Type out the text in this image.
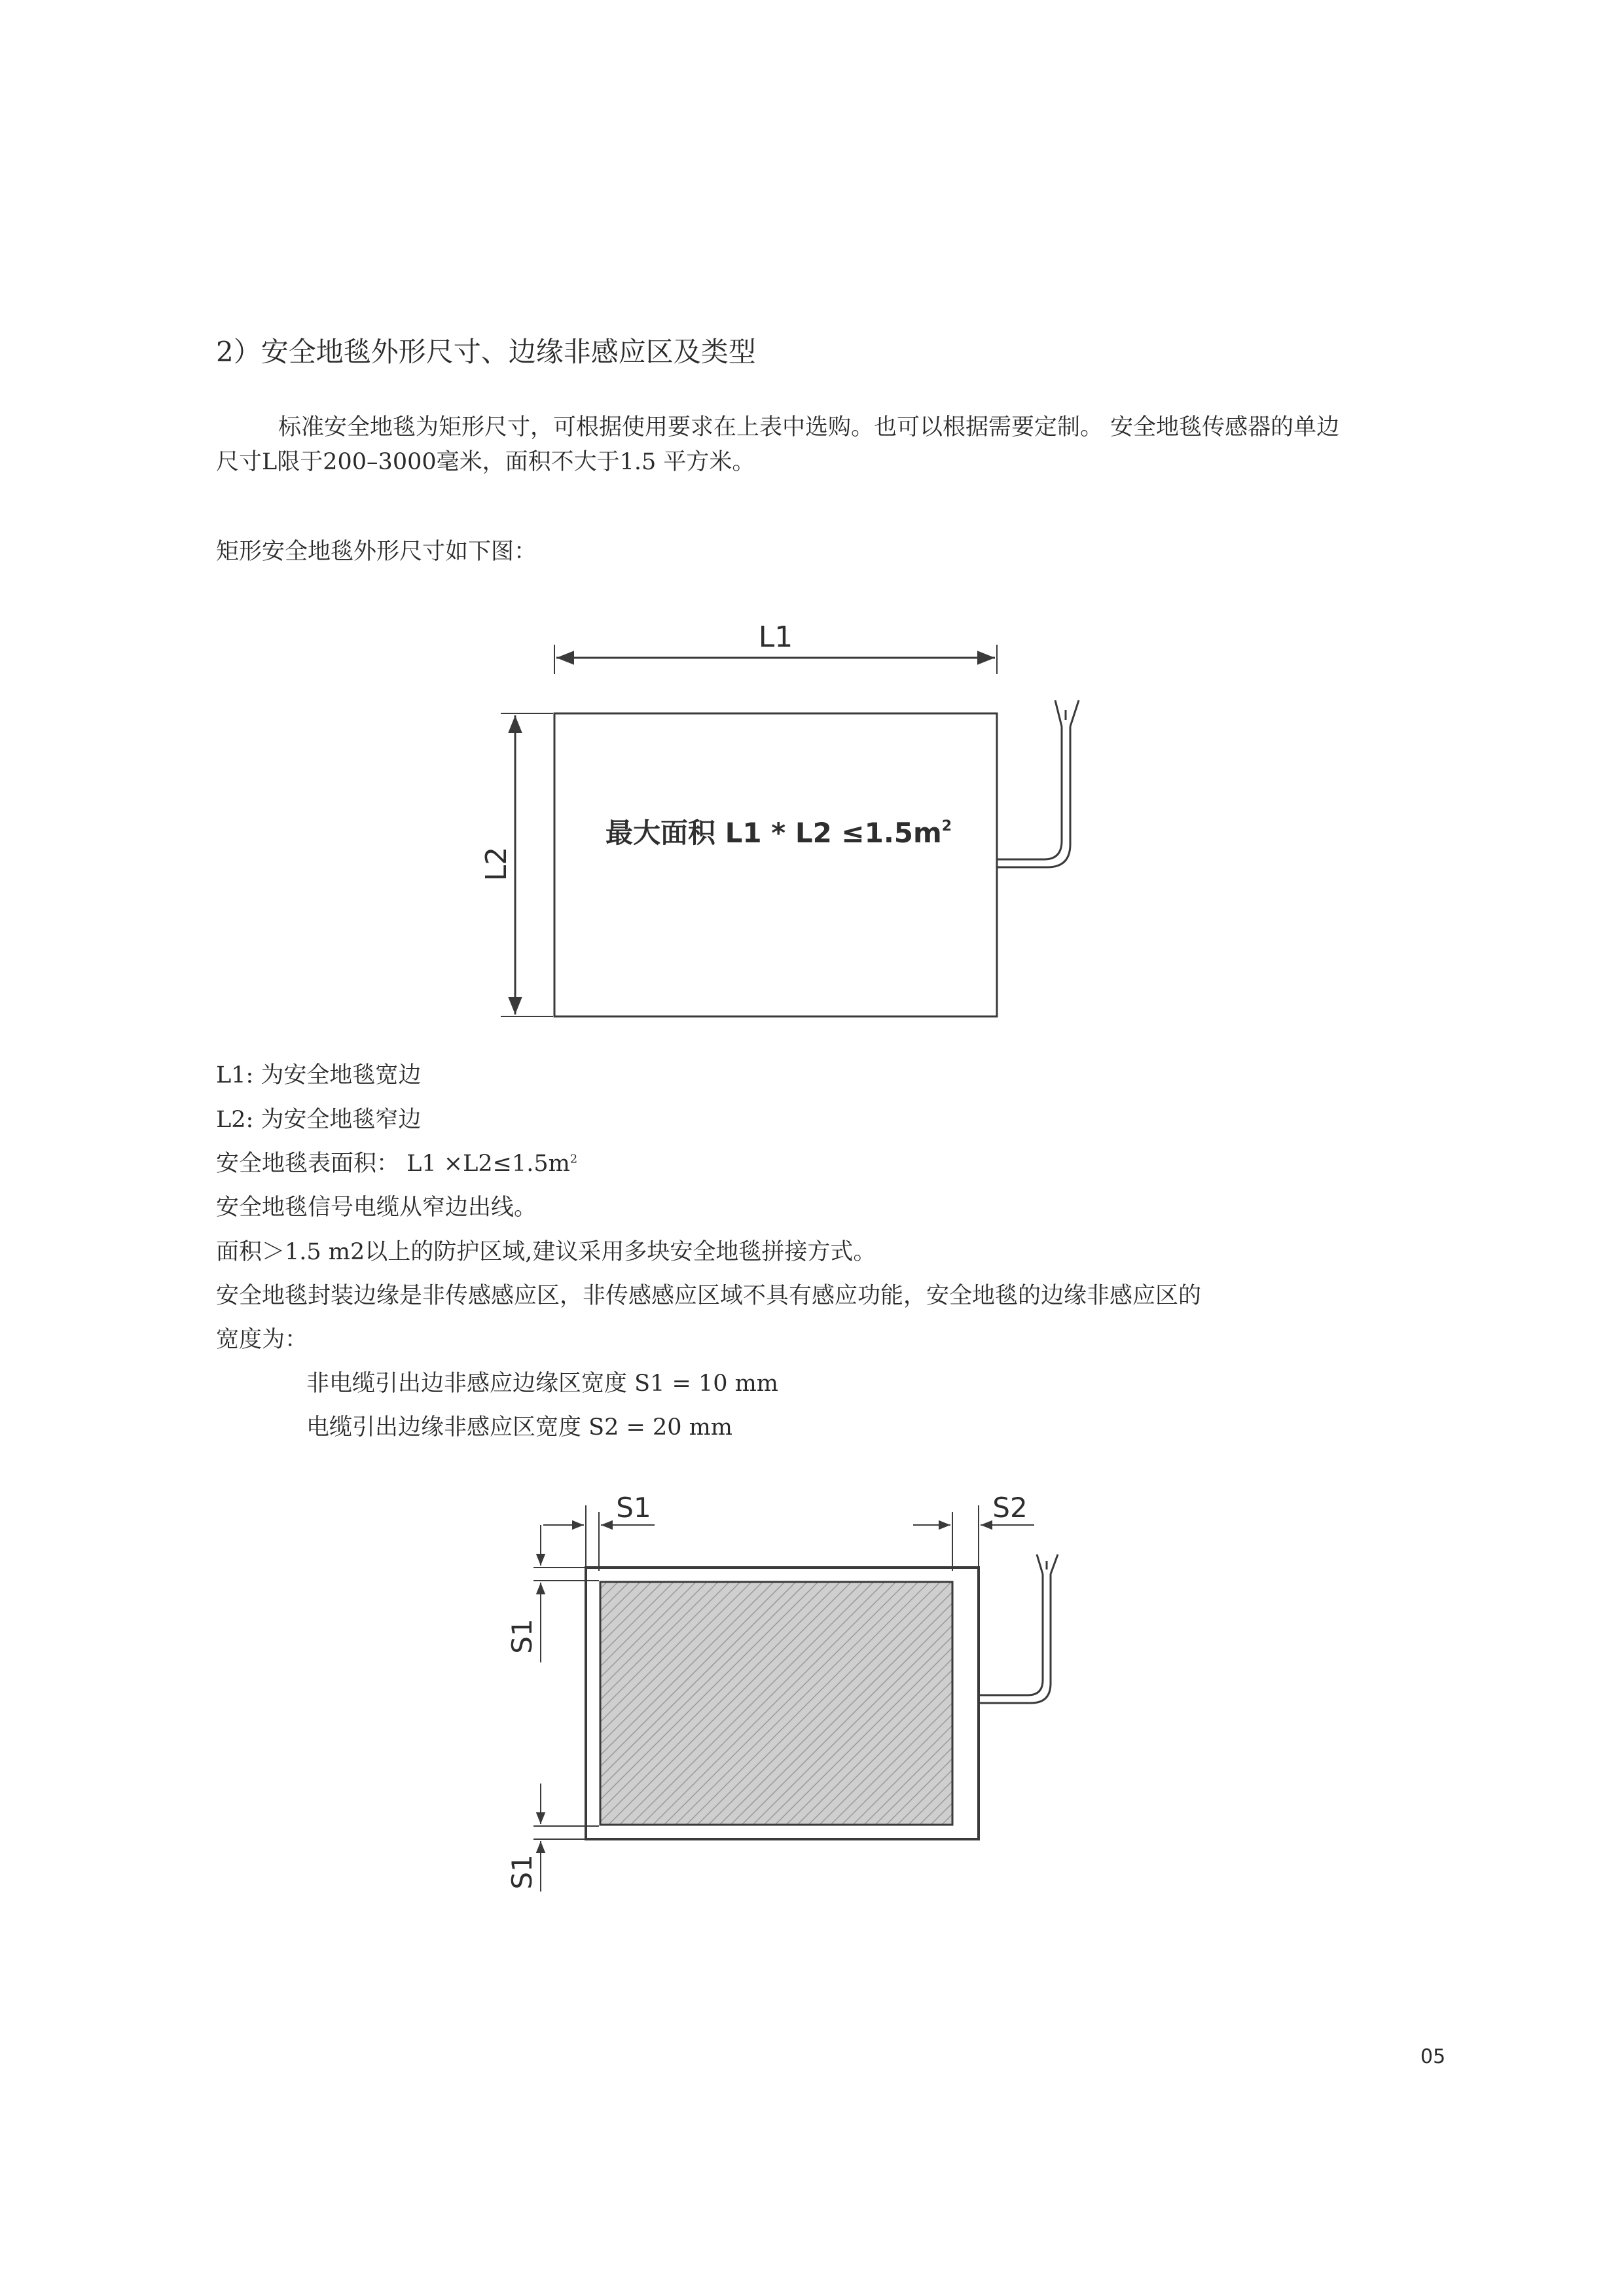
2）安全地毯外形尺寸、边缘非感应区及类型
标准安全地毯为矩形尺寸，可根据使用要求在上表中选购。也可以根据需要定制。 安全地毯传感器的单边
尺寸L限于200–3000毫米，面积不大于1.5 平方米。
矩形安全地毯外形尺寸如下图：
L1
L2
最大面积 $L1 * L2 \le 1.5m^2$
L1: 为安全地毯宽边
L2: 为安全地毯窄边
安全地毯表面积： $L1 \times L2\le 1.5m^2$
安全地毯信号电缆从窄边出线。
面积＞1.5 m2以上的防护区域,建议采用多块安全地毯拼接方式。
安全地毯封装边缘是非传感感应区，非传感感应区域不具有感应功能，安全地毯的边缘非感应区的
宽度为：
非电缆引出边非感应边缘区宽度 S1 = 10 mm
电缆引出边缘非感应区宽度 S2 = 20 mm
S1	S2
S1
S1
05
